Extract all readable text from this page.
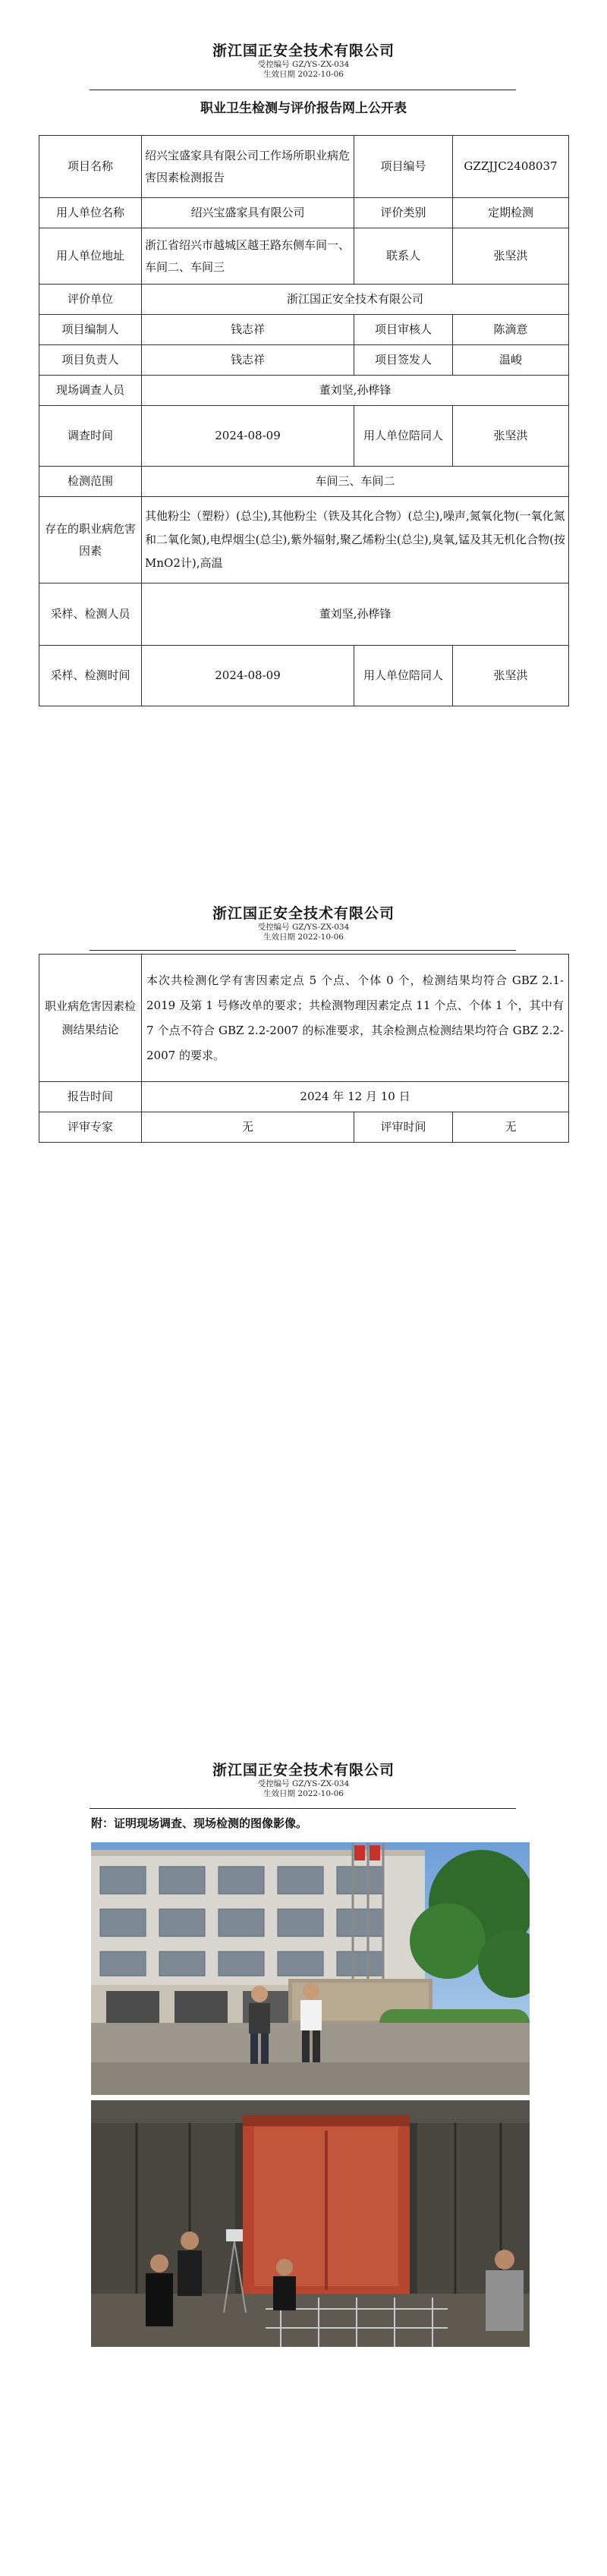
浙江国正安全技术有限公司
受控编号 GZ/YS-ZX-034
生效日期 2022-10-06
职业卫生检测与评价报告网上公开表
项目名称	绍兴宝盛家具有限公司工作场所职业病危害因素检测报告	项目编号	GZZJJC2408037
用人单位名称	绍兴宝盛家具有限公司	评价类别	定期检测
用人单位地址	浙江省绍兴市越城区越王路东侧车间一、车间二、车间三	联系人	张坚洪
评价单位	浙江国正安全技术有限公司		
项目编制人	钱志祥	项目审核人	陈滴意
项目负责人	钱志祥	项目签发人	温峻
现场调查人员	董刘坚,孙桦锋		
调查时间	2024-08-09	用人单位陪同人	张坚洪
检测范围	车间三、车间二		
存在的职业病危害因素	其他粉尘（塑粉）(总尘),其他粉尘（铁及其化合物）(总尘),噪声,氮氧化物(一氧化氮和二氧化氮),电焊烟尘(总尘),紫外辐射,聚乙烯粉尘(总尘),臭氧,锰及其无机化合物(按MnO2计),高温		
采样、检测人员	董刘坚,孙桦锋		
采样、检测时间	2024-08-09	用人单位陪同人	张坚洪
浙江国正安全技术有限公司
受控编号 GZ/YS-ZX-034
生效日期 2022-10-06
职业病危害因素检测结果结论	本次共检测化学有害因素定点 5 个点、个体 0 个，检测结果均符合 GBZ 2.1-2019 及第 1 号修改单的要求；共检测物理因素定点 11 个点、个体 1 个，其中有 7 个点不符合 GBZ 2.2-2007 的标准要求，其余检测点检测结果均符合 GBZ 2.2-2007 的要求。		
报告时间	2024 年 12 月 10 日		
评审专家	无	评审时间	无
浙江国正安全技术有限公司
受控编号 GZ/YS-ZX-034
生效日期 2022-10-06
附：证明现场调查、现场检测的图像影像。
